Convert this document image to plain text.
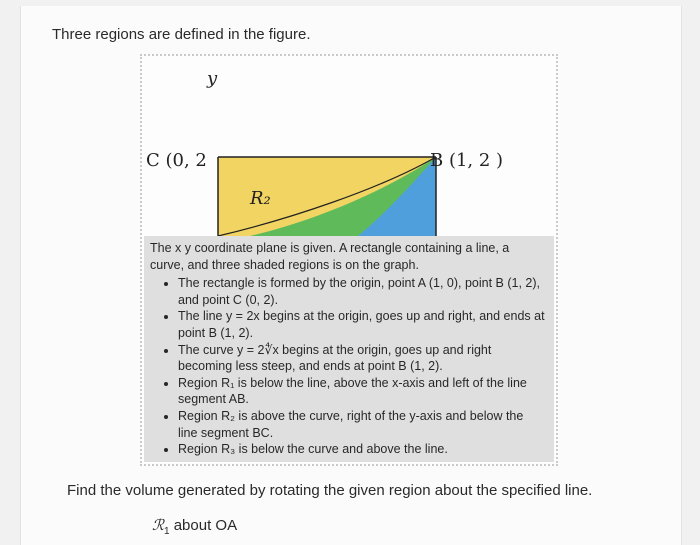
Three regions are defined in the figure.
y
C (0, 2	B (1, 2 )
R₂

The x y coordinate plane is given. A rectangle containing a line, a curve, and three shaded regions is on the graph.

• The rectangle is formed by the origin, point A (1, 0), point B (1, 2), and point C (0, 2).
• The line y = 2x begins at the origin, goes up and right, and ends at point B (1, 2).
• The curve y = 2∜x begins at the origin, goes up and right becoming less steep, and ends at point B (1, 2).
• Region R₁ is below the line, above the x-axis and left of the line segment AB.
• Region R₂ is above the curve, right of the y-axis and below the line segment BC.
• Region R₃ is below the curve and above the line.
Find the volume generated by rotating the given region about the specified line.
ℛ$_1$ about OA
